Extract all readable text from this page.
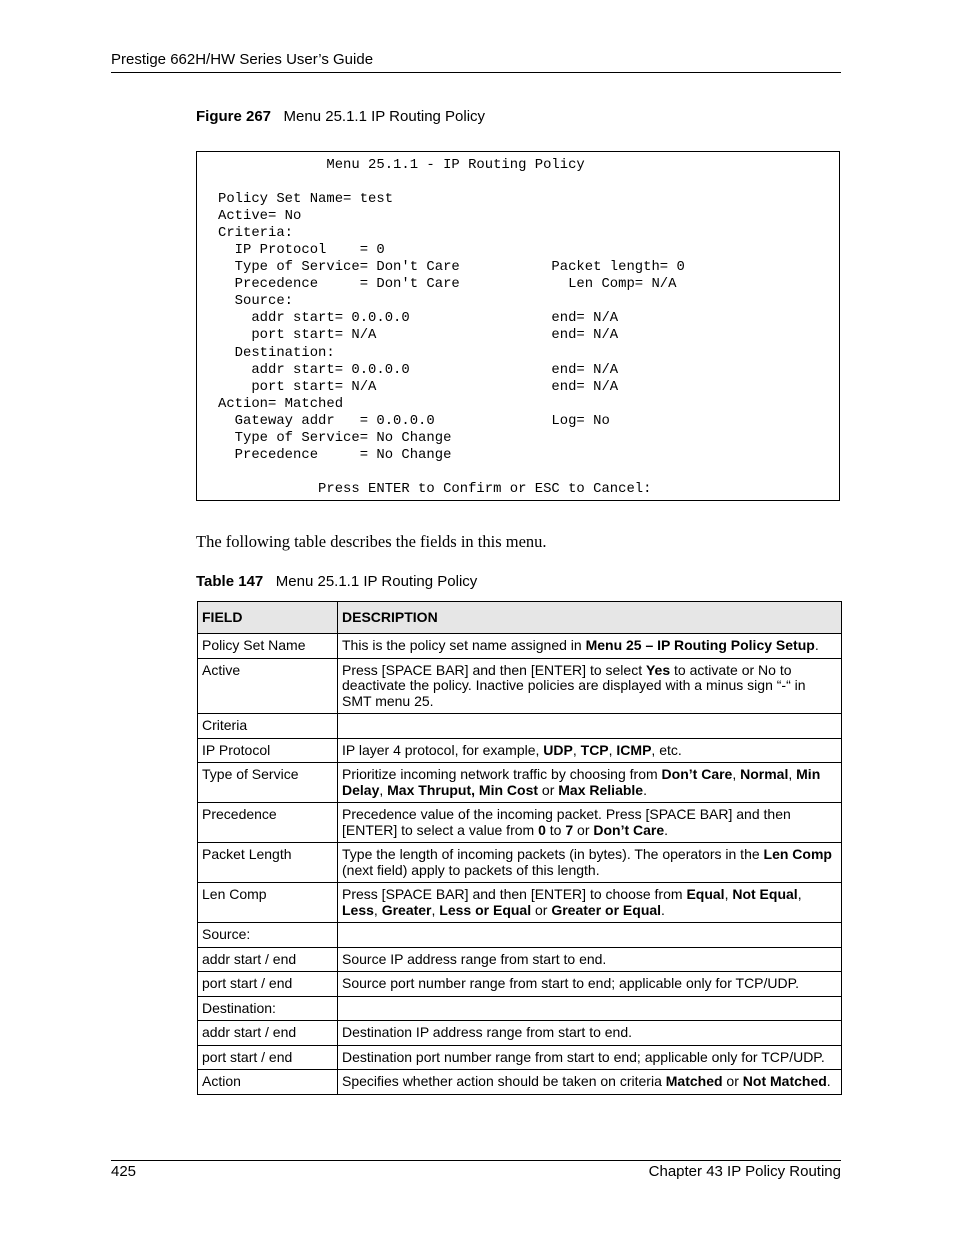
Prestige 662H/HW Series User’s Guide
Figure 267 Menu 25.1.1 IP Routing Policy
Menu 25.1.1 - IP Routing Policy

Policy Set Name= test
Active= No
Criteria:
IP Protocol    = 0
Type of Service= Don't Care           Packet length= 0
Precedence     = Don't Care             Len Comp= N/A
Source:
addr start= 0.0.0.0                 end= N/A
port start= N/A                     end= N/A
Destination:
addr start= 0.0.0.0                 end= N/A
port start= N/A                     end= N/A
Action= Matched
Gateway addr   = 0.0.0.0              Log= No
Type of Service= No Change
Precedence     = No Change

Press ENTER to Confirm or ESC to Cancel:
The following table describes the fields in this menu.
Table 147 Menu 25.1.1 IP Routing Policy
FIELD	DESCRIPTION
Policy Set Name	This is the policy set name assigned in Menu 25 – IP Routing Policy Setup.
Active	Press [SPACE BAR] and then [ENTER] to select Yes to activate or No to deactivate the policy. Inactive policies are displayed with a minus sign “-“ in SMT menu 25.
Criteria	
IP Protocol	IP layer 4 protocol, for example, UDP, TCP, ICMP, etc.
Type of Service	Prioritize incoming network traffic by choosing from Don’t Care, Normal, Min Delay, Max Thruput, Min Cost or Max Reliable.
Precedence	Precedence value of the incoming packet. Press [SPACE BAR] and then [ENTER] to select a value from 0 to 7 or Don’t Care.
Packet Length	Type the length of incoming packets (in bytes). The operators in the Len Comp (next field) apply to packets of this length.
Len Comp	Press [SPACE BAR] and then [ENTER] to choose from Equal, Not Equal, Less, Greater, Less or Equal or Greater or Equal.
Source:	
addr start / end	Source IP address range from start to end.
port start / end	Source port number range from start to end; applicable only for TCP/UDP.
Destination:	
addr start / end	Destination IP address range from start to end.
port start / end	Destination port number range from start to end; applicable only for TCP/UDP.
Action	Specifies whether action should be taken on criteria Matched or Not Matched.
425	Chapter 43 IP Policy Routing
